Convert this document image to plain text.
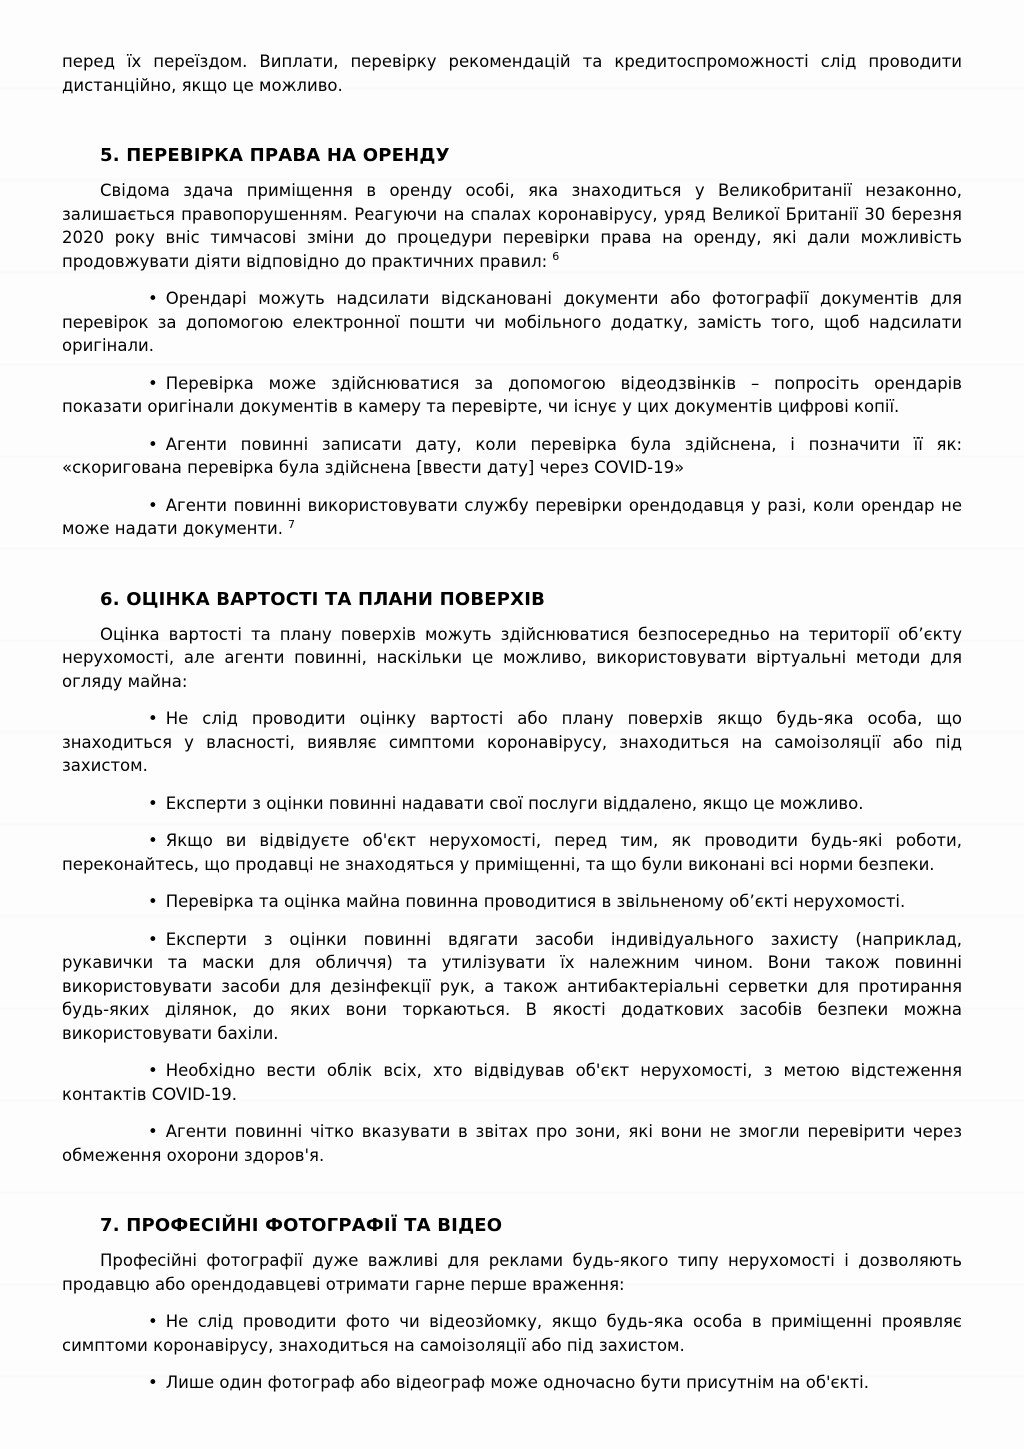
перед їх переїздом. Виплати, перевірку рекомендацій та кредитоспроможності слід проводити дистанційно, якщо це можливо.

5. ПЕРЕВІРКА ПРАВА НА ОРЕНДУ

Свідома здача приміщення в оренду особі, яка знаходиться у Великобританії незаконно, залишається правопорушенням. Реагуючи на спалах коронавірусу, уряд Великої Британії 30 березня 2020 року вніс тимчасові зміни до процедури перевірки права на оренду, які дали можливість продовжувати діяти відповідно до практичних правил: $^6$

• Орендарі можуть надсилати відскановані документи або фотографії документів для перевірок за допомогою електронної пошти чи мобільного додатку, замість того, щоб надсилати оригінали.

• Перевірка може здійснюватися за допомогою відеодзвінків – попросіть орендарів показати оригінали документів в камеру та перевірте, чи існує у цих документів цифрові копії.

• Агенти повинні записати дату, коли перевірка була здійснена, і позначити її як: «скоригована перевірка була здійснена [ввести дату] через COVID-19»

• Агенти повинні використовувати службу перевірки орендодавця у разі, коли орендар не може надати документи. $^7$

6. ОЦІНКА ВАРТОСТІ ТА ПЛАНИ ПОВЕРХІВ

Оцінка вартості та плану поверхів можуть здійснюватися безпосередньо на території об’єкту нерухомості, але агенти повинні, наскільки це можливо, використовувати віртуальні методи для огляду майна:

• Не слід проводити оцінку вартості або плану поверхів якщо будь-яка особа, що знаходиться у власності, виявляє симптоми коронавірусу, знаходиться на самоізоляції або під захистом.

• Експерти з оцінки повинні надавати свої послуги віддалено, якщо це можливо.

• Якщо ви відвідуєте об'єкт нерухомості, перед тим, як проводити будь-які роботи, переконайтесь, що продавці не знаходяться у приміщенні, та що були виконані всі норми безпеки.

• Перевірка та оцінка майна повинна проводитися в звільненому об’єкті нерухомості.

• Експерти з оцінки повинні вдягати засоби індивідуального захисту (наприклад, рукавички та маски для обличчя) та утилізувати їх належним чином. Вони також повинні використовувати засоби для дезінфекції рук, а також антибактеріальні серветки для протирання будь-яких ділянок, до яких вони торкаються. В якості додаткових засобів безпеки можна використовувати бахіли.

• Необхідно вести облік всіх, хто відвідував об'єкт нерухомості, з метою відстеження контактів COVID-19.

• Агенти повинні чітко вказувати в звітах про зони, які вони не змогли перевірити через обмеження охорони здоров'я.

7. ПРОФЕСІЙНІ ФОТОГРАФІЇ ТА ВІДЕО

Професійні фотографії дуже важливі для реклами будь-якого типу нерухомості і дозволяють продавцю або орендодавцеві отримати гарне перше враження:

• Не слід проводити фото чи відеозйомку, якщо будь-яка особа в приміщенні проявляє симптоми коронавірусу, знаходиться на самоізоляції або під захистом.

• Лише один фотограф або відеограф може одночасно бути присутнім на об'єкті.
